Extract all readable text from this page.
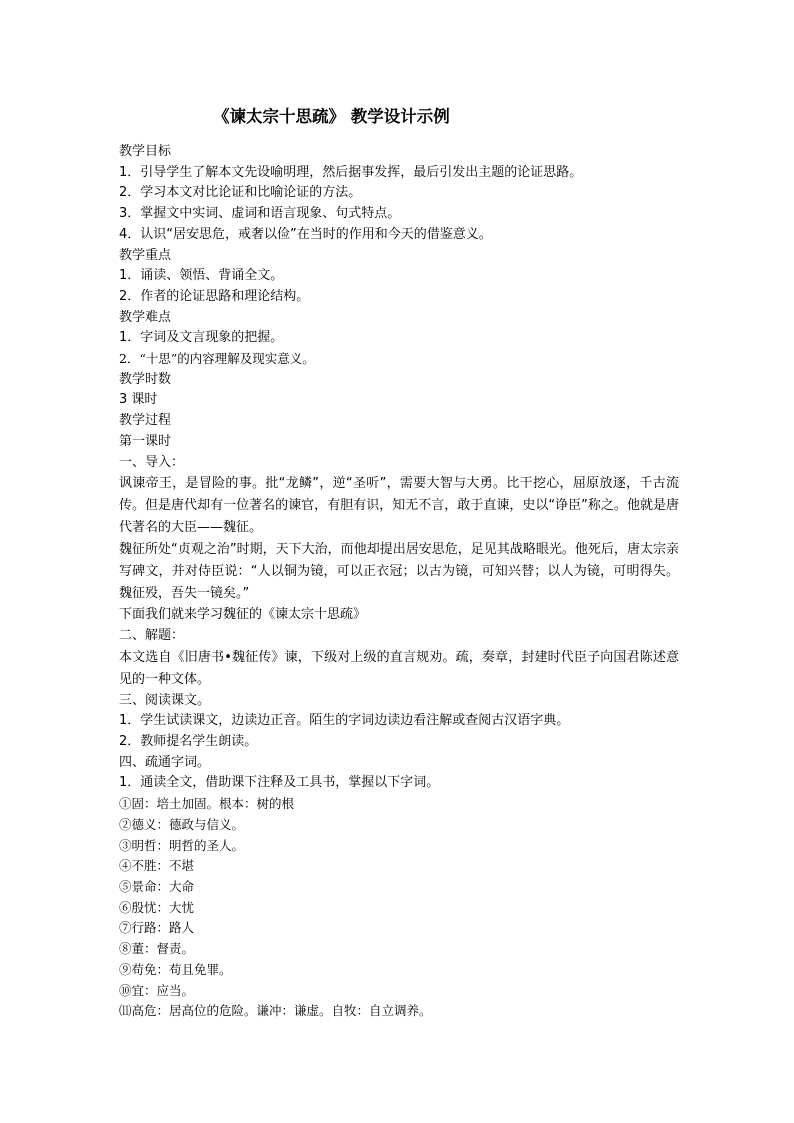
《谏太宗十思疏》 教学设计示例
教学目标
1．引导学生了解本文先设喻明理，然后据事发挥，最后引发出主题的论证思路。
2．学习本文对比论证和比喻论证的方法。
3．掌握文中实词、虚词和语言现象、句式特点。
4．认识“居安思危，戒奢以俭”在当时的作用和今天的借鉴意义。
教学重点
1．诵读、领悟、背诵全文。
2．作者的论证思路和理论结构。
教学难点
1．字词及文言现象的把握。
2．“十思”的内容理解及现实意义。
教学时数
3 课时
教学过程
第一课时
一、导入：
讽谏帝王，是冒险的事。批“龙鳞”，逆“圣听”，需要大智与大勇。比干挖心，屈原放逐，千古流传。但是唐代却有一位著名的谏官，有胆有识，知无不言，敢于直谏，史以“诤臣”称之。他就是唐代著名的大臣——魏征。
魏征所处“贞观之治”时期，天下大治，而他却提出居安思危，足见其战略眼光。他死后，唐太宗亲写碑文，并对侍臣说：“人以铜为镜，可以正衣冠；以古为镜，可知兴替；以人为镜，可明得失。魏征殁，吾失一镜矣。”
下面我们就来学习魏征的《谏太宗十思疏》
二、解题：
本文选自《旧唐书•魏征传》谏，下级对上级的直言规劝。疏，奏章，封建时代臣子向国君陈述意见的一种文体。
三、阅读课文。
1．学生试读课文，边读边正音。陌生的字词边读边看注解或查阅古汉语字典。
2．教师提名学生朗读。
四、疏通字词。
1．通读全文，借助课下注释及工具书，掌握以下字词。
①固：培土加固。根本：树的根
②德义：德政与信义。
③明哲：明哲的圣人。
④不胜：不堪
⑤景命：大命
⑥殷忧：大忧
⑦行路：路人
⑧董：督责。
⑨苟免：苟且免罪。
⑩宜：应当。
⑾高危：居高位的危险。谦冲：谦虚。自牧：自立调养。
